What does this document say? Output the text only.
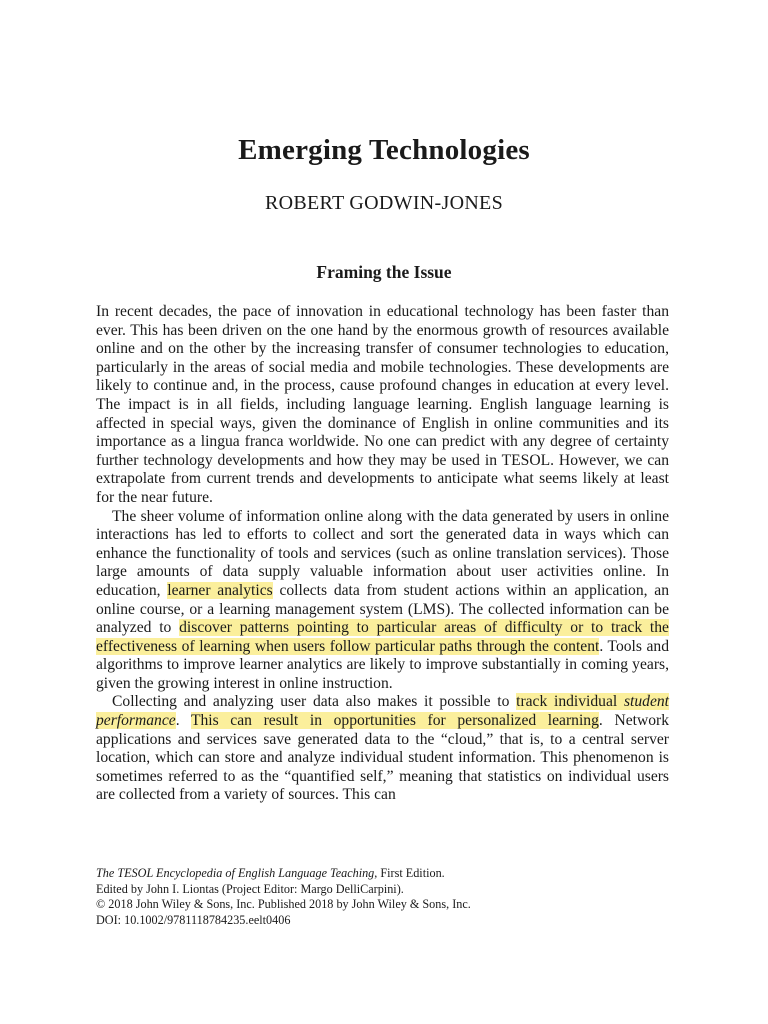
Emerging Technologies
ROBERT GODWIN-JONES
Framing the Issue

In recent decades, the pace of innovation in educational technology has been faster than ever. This has been driven on the one hand by the enormous growth of resources available online and on the other by the increasing transfer of consumer technologies to education, particularly in the areas of social media and mobile technologies. These developments are likely to continue and, in the process, cause profound changes in education at every level. The impact is in all fields, including language learning. English language learning is affected in special ways, given the dominance of English in online communities and its importance as a lingua franca worldwide. No one can predict with any degree of certainty further technology developments and how they may be used in TESOL. However, we can extrapolate from current trends and developments to anticipate what seems likely at least for the near future.

The sheer volume of information online along with the data generated by users in online interactions has led to efforts to collect and sort the generated data in ways which can enhance the functionality of tools and services (such as online translation services). Those large amounts of data supply valuable information about user activities online. In education, learner analytics collects data from student actions within an application, an online course, or a learning management system (LMS). The collected information can be analyzed to discover patterns pointing to particular areas of difficulty or to track the effectiveness of learning when users follow particular paths through the content. Tools and algorithms to improve learner analytics are likely to improve substantially in coming years, given the growing interest in online instruction.

Collecting and analyzing user data also makes it possible to track individual student performance. This can result in opportunities for personalized learning. Network applications and services save generated data to the “cloud,” that is, to a central server location, which can store and analyze individual student information. This phenomenon is sometimes referred to as the “quantified self,” meaning that statistics on individual users are collected from a variety of sources. This can

The TESOL Encyclopedia of English Language Teaching, First Edition.
Edited by John I. Liontas (Project Editor: Margo DelliCarpini).
© 2018 John Wiley & Sons, Inc. Published 2018 by John Wiley & Sons, Inc.
DOI: 10.1002/9781118784235.eelt0406
